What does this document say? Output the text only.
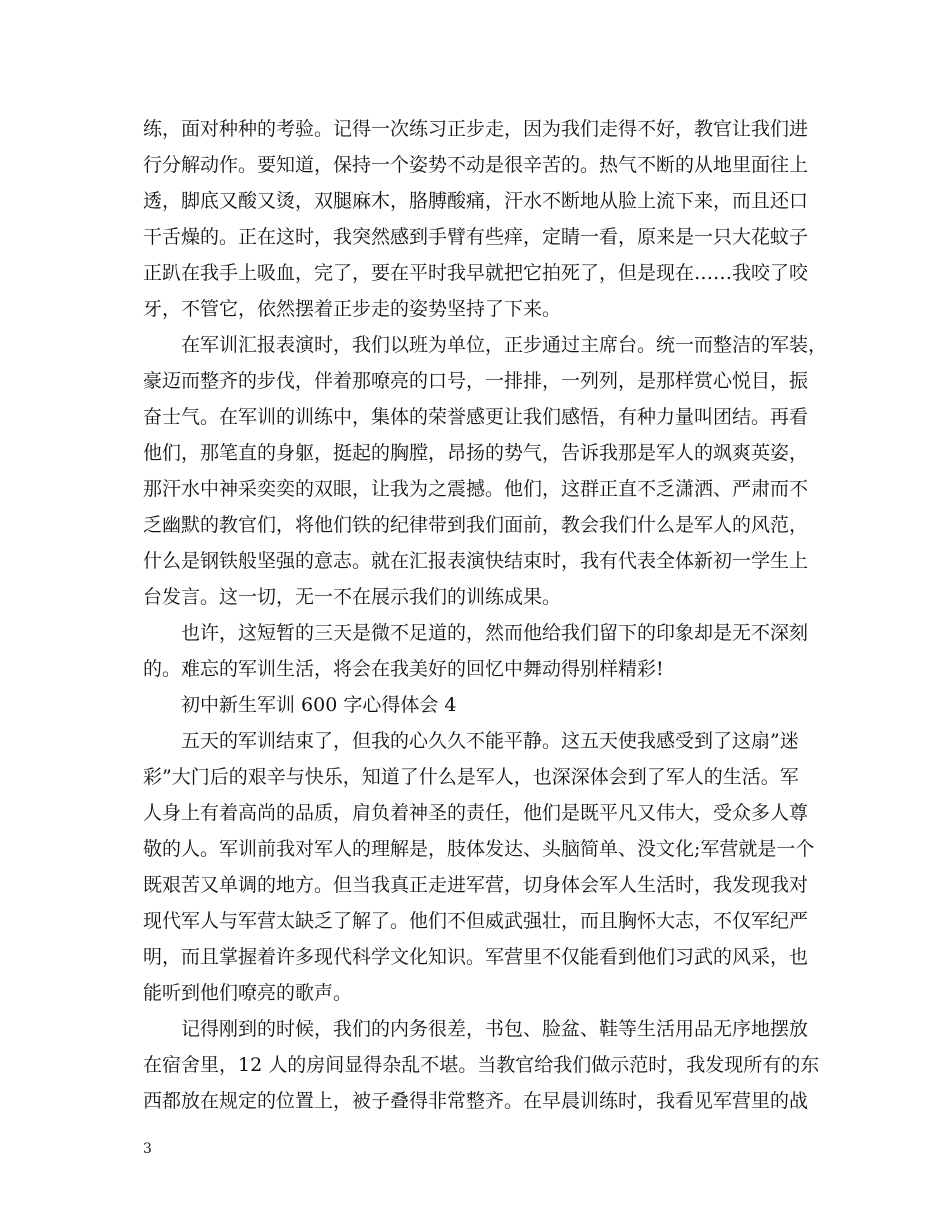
练，面对种种的考验。记得一次练习正步走，因为我们走得不好，教官让我们进
行分解动作。要知道，保持一个姿势不动是很辛苦的。热气不断的从地里面往上
透，脚底又酸又烫，双腿麻木，胳膊酸痛，汗水不断地从脸上流下来，而且还口
干舌燥的。正在这时，我突然感到手臂有些痒，定睛一看，原来是一只大花蚊子
正趴在我手上吸血，完了，要在平时我早就把它拍死了，但是现在……我咬了咬
牙，不管它，依然摆着正步走的姿势坚持了下来。
在军训汇报表演时，我们以班为单位，正步通过主席台。统一而整洁的军装，
豪迈而整齐的步伐，伴着那嘹亮的口号，一排排，一列列，是那样赏心悦目，振
奋士气。在军训的训练中，集体的荣誉感更让我们感悟，有种力量叫团结。再看
他们，那笔直的身躯，挺起的胸膛，昂扬的势气，告诉我那是军人的飒爽英姿，
那汗水中神采奕奕的双眼，让我为之震撼。他们，这群正直不乏潇洒、严肃而不
乏幽默的教官们，将他们铁的纪律带到我们面前，教会我们什么是军人的风范，
什么是钢铁般坚强的意志。就在汇报表演快结束时，我有代表全体新初一学生上
台发言。这一切，无一不在展示我们的训练成果。
也许，这短暂的三天是微不足道的，然而他给我们留下的印象却是无不深刻
的。难忘的军训生活，将会在我美好的回忆中舞动得别样精彩!
初中新生军训 600 字心得体会 4
五天的军训结束了，但我的心久久不能平静。这五天使我感受到了这扇”迷
彩”大门后的艰辛与快乐，知道了什么是军人，也深深体会到了军人的生活。军
人身上有着高尚的品质，肩负着神圣的责任，他们是既平凡又伟大，受众多人尊
敬的人。军训前我对军人的理解是，肢体发达、头脑简单、没文化;军营就是一个
既艰苦又单调的地方。但当我真正走进军营，切身体会军人生活时，我发现我对
现代军人与军营太缺乏了解了。他们不但威武强壮，而且胸怀大志，不仅军纪严
明，而且掌握着许多现代科学文化知识。军营里不仅能看到他们习武的风采，也
能听到他们嘹亮的歌声。
记得刚到的时候，我们的内务很差，书包、脸盆、鞋等生活用品无序地摆放
在宿舍里，12 人的房间显得杂乱不堪。当教官给我们做示范时，我发现所有的东
西都放在规定的位置上，被子叠得非常整齐。在早晨训练时，我看见军营里的战
3
